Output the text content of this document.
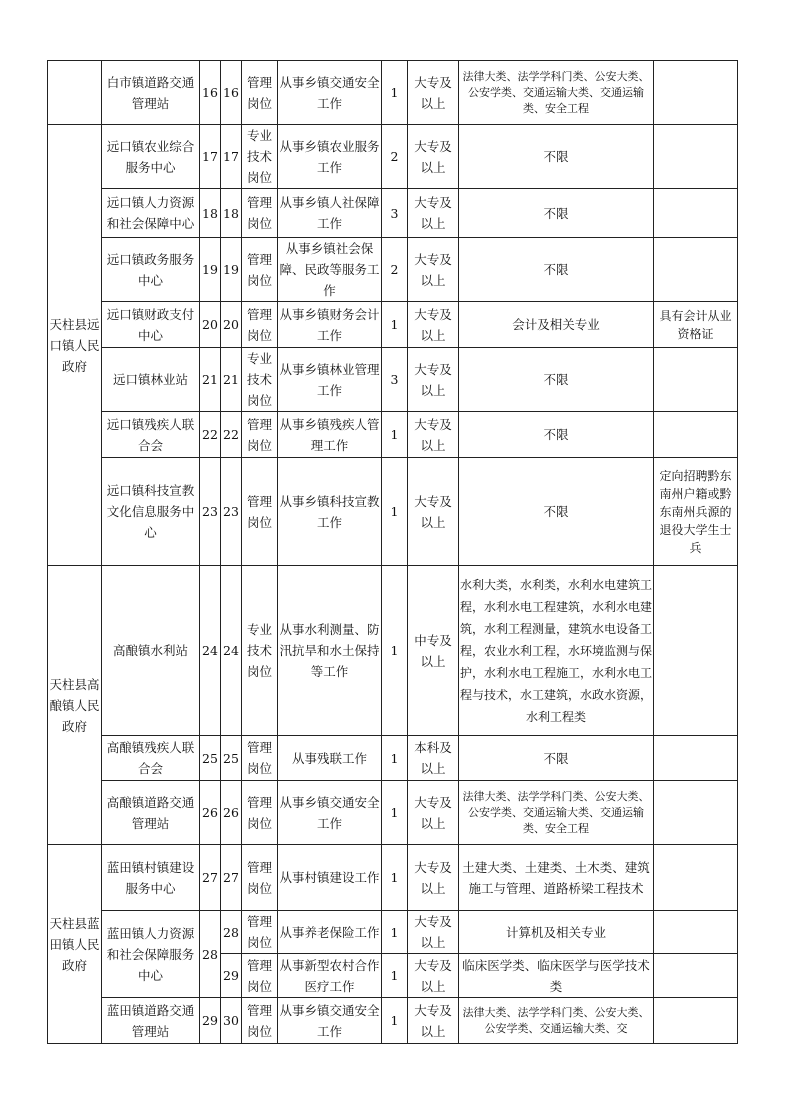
	白市镇道路交通管理站	16	16	管理岗位	从事乡镇交通安全工作	1	大专及以上	法律大类、法学学科门类、公安大类、公安学类、交通运输大类、交通运输类、安全工程	
天柱县远口镇人民政府	远口镇农业综合服务中心	17	17	专业技术岗位	从事乡镇农业服务工作	2	大专及以上	不限	
	远口镇人力资源和社会保障中心	18	18	管理岗位	从事乡镇人社保障工作	3	大专及以上	不限	
	远口镇政务服务中心	19	19	管理岗位	从事乡镇社会保障、民政等服务工作	2	大专及以上	不限	
	远口镇财政支付中心	20	20	管理岗位	从事乡镇财务会计工作	1	大专及以上	会计及相关专业	具有会计从业资格证
	远口镇林业站	21	21	专业技术岗位	从事乡镇林业管理工作	3	大专及以上	不限	
	远口镇残疾人联合会	22	22	管理岗位	从事乡镇残疾人管理工作	1	大专及以上	不限	
	远口镇科技宣教文化信息服务中心	23	23	管理岗位	从事乡镇科技宣教工作	1	大专及以上	不限	定向招聘黔东南州户籍或黔东南州兵源的退役大学生士兵
天柱县高酿镇人民政府	高酿镇水利站	24	24	专业技术岗位	从事水利测量、防汛抗旱和水土保持等工作	1	中专及以上	水利大类，水利类，水利水电建筑工程，水利水电工程建筑，水利水电建筑，水利工程测量，建筑水电设备工程，农业水利工程，水环境监测与保护，水利水电工程施工，水利水电工程与技术，水工建筑，水政水资源，水利工程类	
	高酿镇残疾人联合会	25	25	管理岗位	从事残联工作	1	本科及以上	不限	
	高酿镇道路交通管理站	26	26	管理岗位	从事乡镇交通安全工作	1	大专及以上	法律大类、法学学科门类、公安大类、公安学类、交通运输大类、交通运输类、安全工程	
天柱县蓝田镇人民政府	蓝田镇村镇建设服务中心	27	27	管理岗位	从事村镇建设工作	1	大专及以上	土建大类、土建类、土木类、建筑施工与管理、道路桥梁工程技术	
	蓝田镇人力资源和社会保障服务中心	28	28	管理岗位	从事养老保险工作	1	大专及以上	计算机及相关专业	
			29	管理岗位	从事新型农村合作医疗工作	1	大专及以上	临床医学类、临床医学与医学技术类	
	蓝田镇道路交通管理站	29	30	管理岗位	从事乡镇交通安全工作	1	大专及以上	法律大类、法学学科门类、公安大类、公安学类、交通运输大类、交	
